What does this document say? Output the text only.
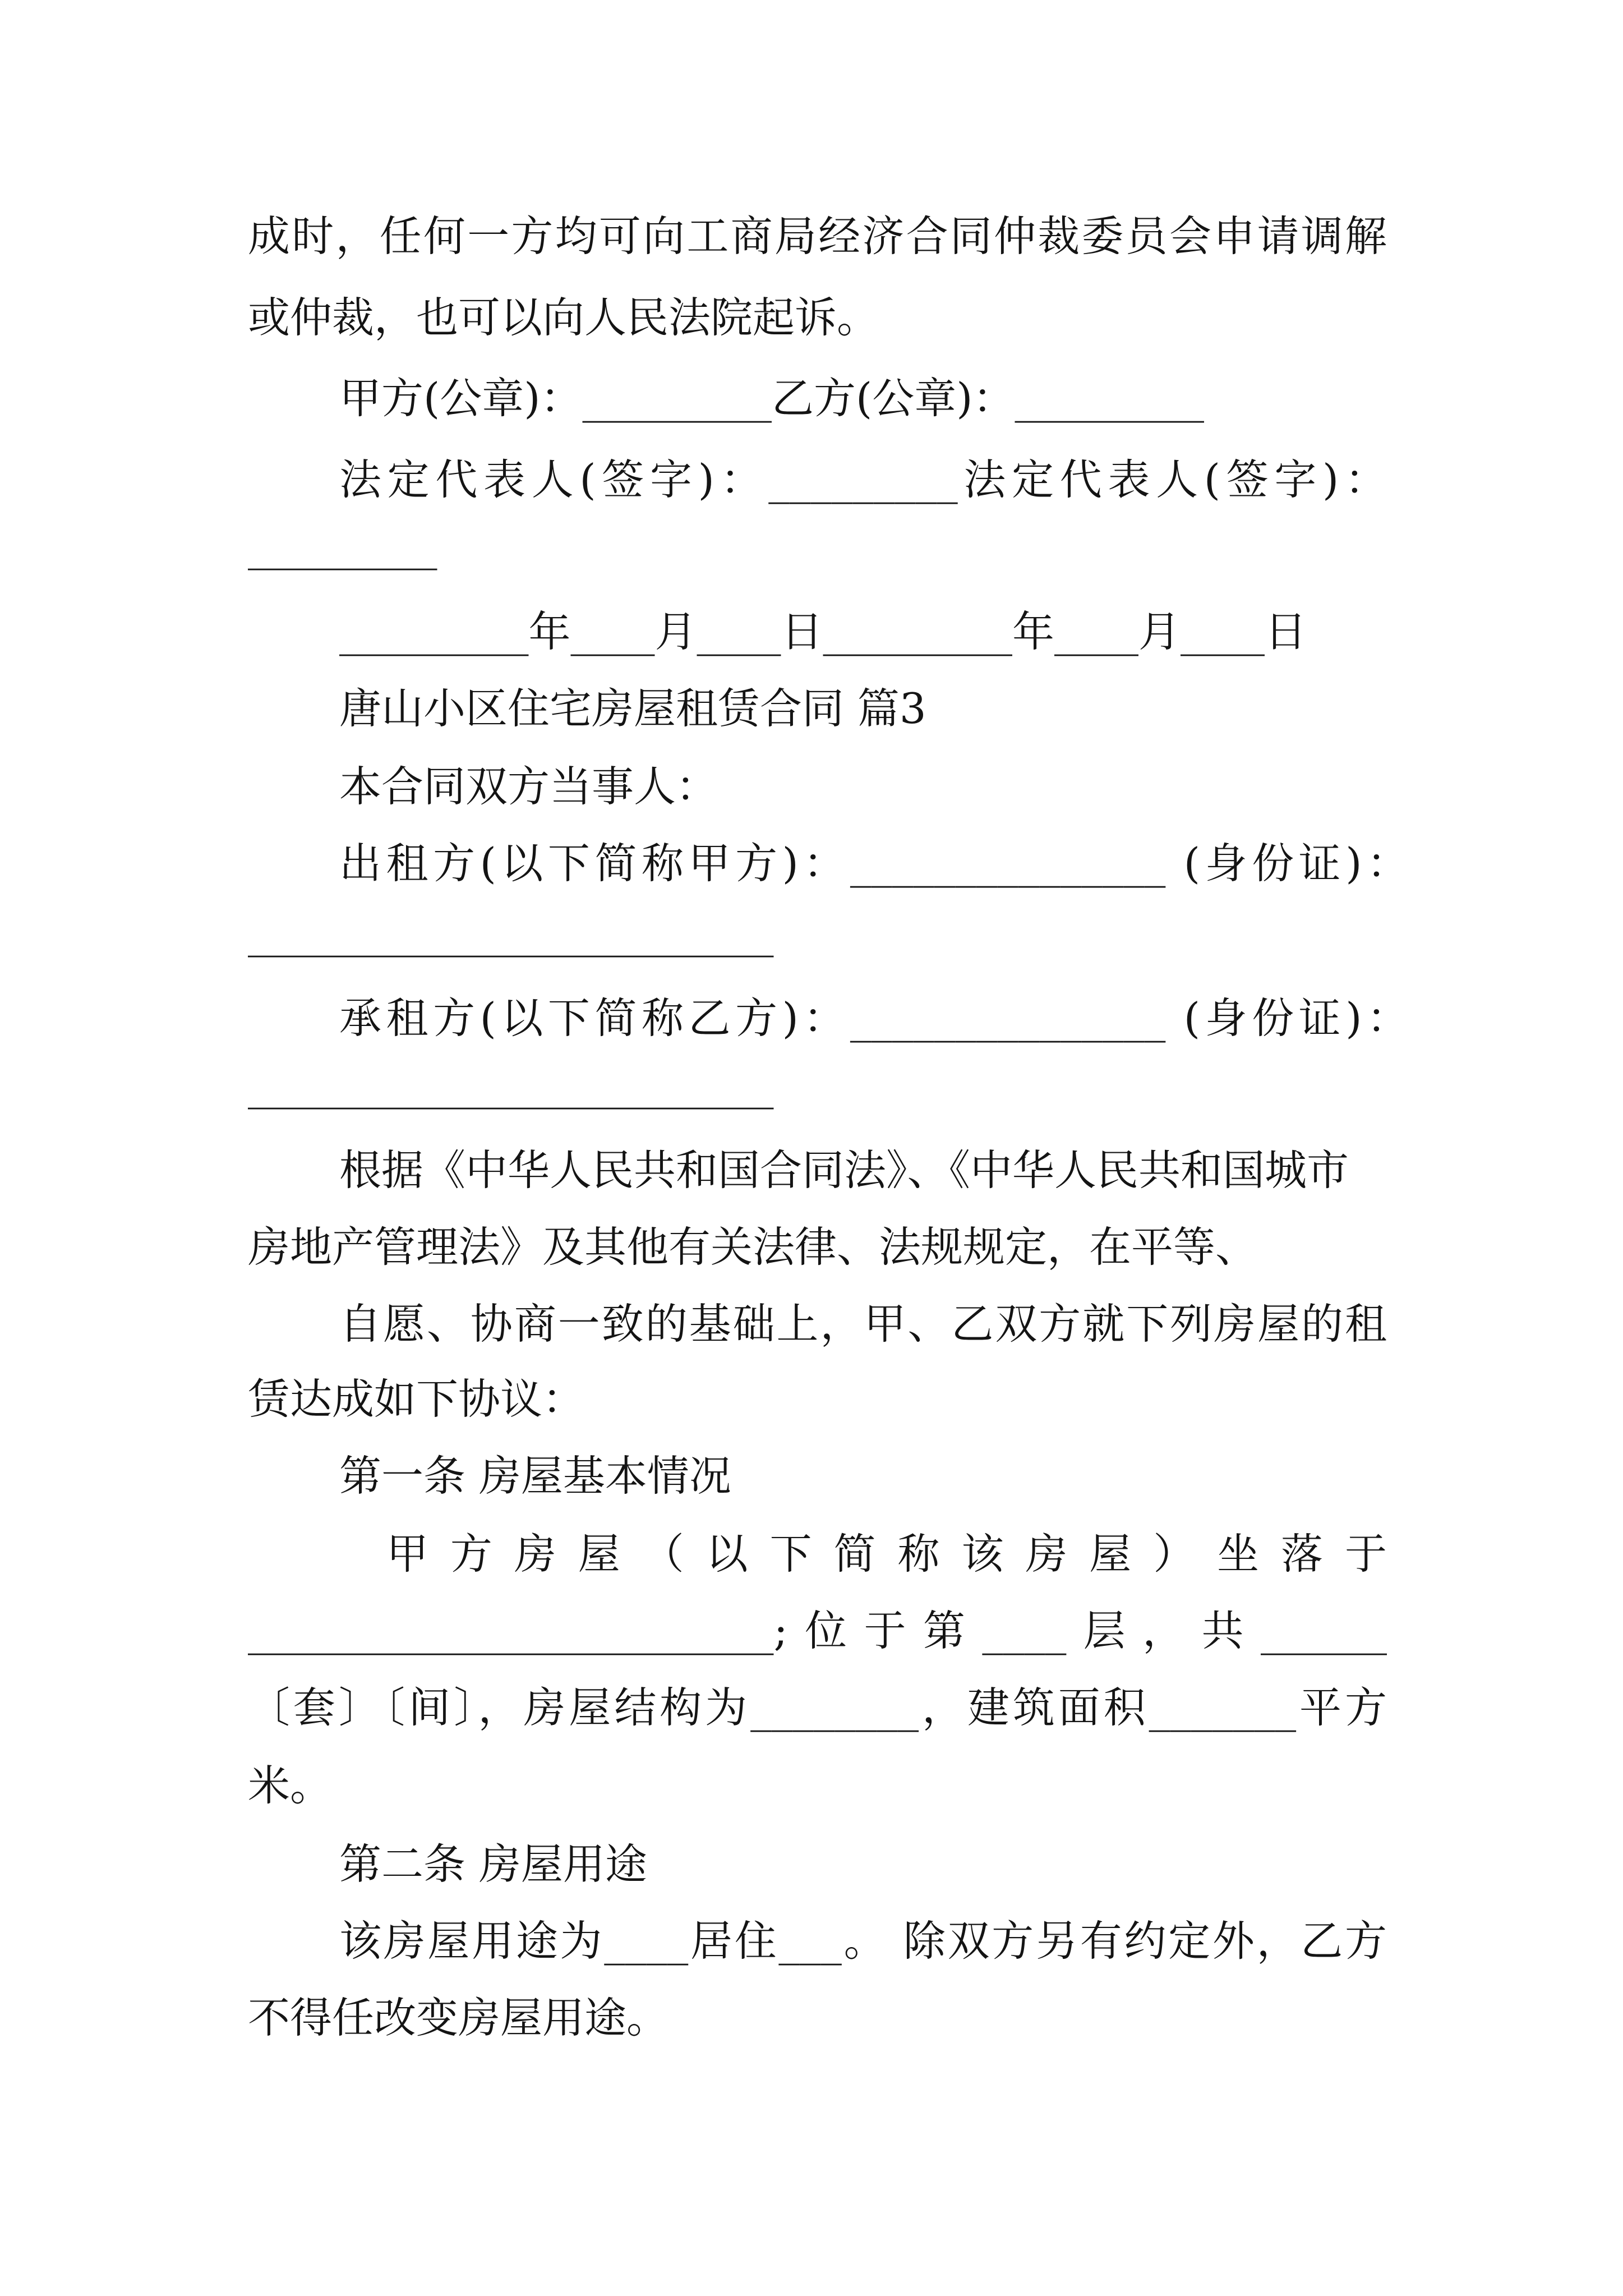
成时，任何一方均可向工商局经济合同仲裁委员会申请调解
或仲裁，也可以向人民法院起诉。
甲方(公章)：_________乙方(公章)：_________
法定代表人(签字)：_________法定代表人(签字)：
_________
_________年____月____日_________年____月____日
唐山小区住宅房屋租赁合同 篇3
本合同双方当事人：
出租方(以下简称甲方)：_______________ (身份证)：
_________________________
承租方(以下简称乙方)：_______________ (身份证)：
_________________________
根据《中华人民共和国合同法》、《中华人民共和国城市
房地产管理法》及其他有关法律、法规规定，在平等、
自愿、协商一致的基础上，甲、乙双方就下列房屋的租
赁达成如下协议：
第一条 房屋基本情况
甲方房屋（以下简称该房屋）坐落于
_________________________;位于第____层，共______
〔套〕〔间〕，房屋结构为________，建筑面积_______平方
米。
第二条 房屋用途
该房屋用途为____居住___。 除双方另有约定外，乙方
不得任改变房屋用途。
